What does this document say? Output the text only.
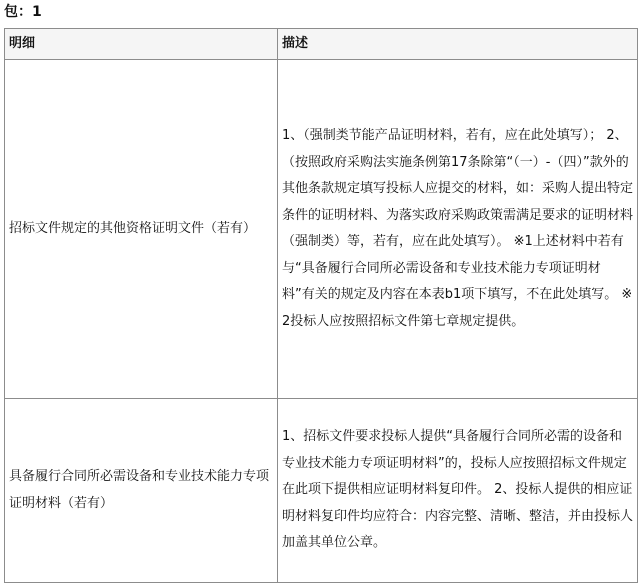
包：1
明细	描述
招标文件规定的其他资格证明文件（若有）	1、（强制类节能产品证明材料，若有，应在此处填写）； 2、（按照政府采购法实施条例第17条除第“（一）-（四）”款外的其他条款规定填写投标人应提交的材料，如：采购人提出特定条件的证明材料、为落实政府采购政策需满足要求的证明材料（强制类）等，若有，应在此处填写）。 ※1上述材料中若有与“具备履行合同所必需设备和专业技术能力专项证明材料”有关的规定及内容在本表b1项下填写，不在此处填写。 ※2投标人应按照招标文件第七章规定提供。
具备履行合同所必需设备和专业技术能力专项证明材料（若有）	1、招标文件要求投标人提供“具备履行合同所必需的设备和专业技术能力专项证明材料”的，投标人应按照招标文件规定在此项下提供相应证明材料复印件。 2、投标人提供的相应证明材料复印件均应符合：内容完整、清晰、整洁，并由投标人加盖其单位公章。
